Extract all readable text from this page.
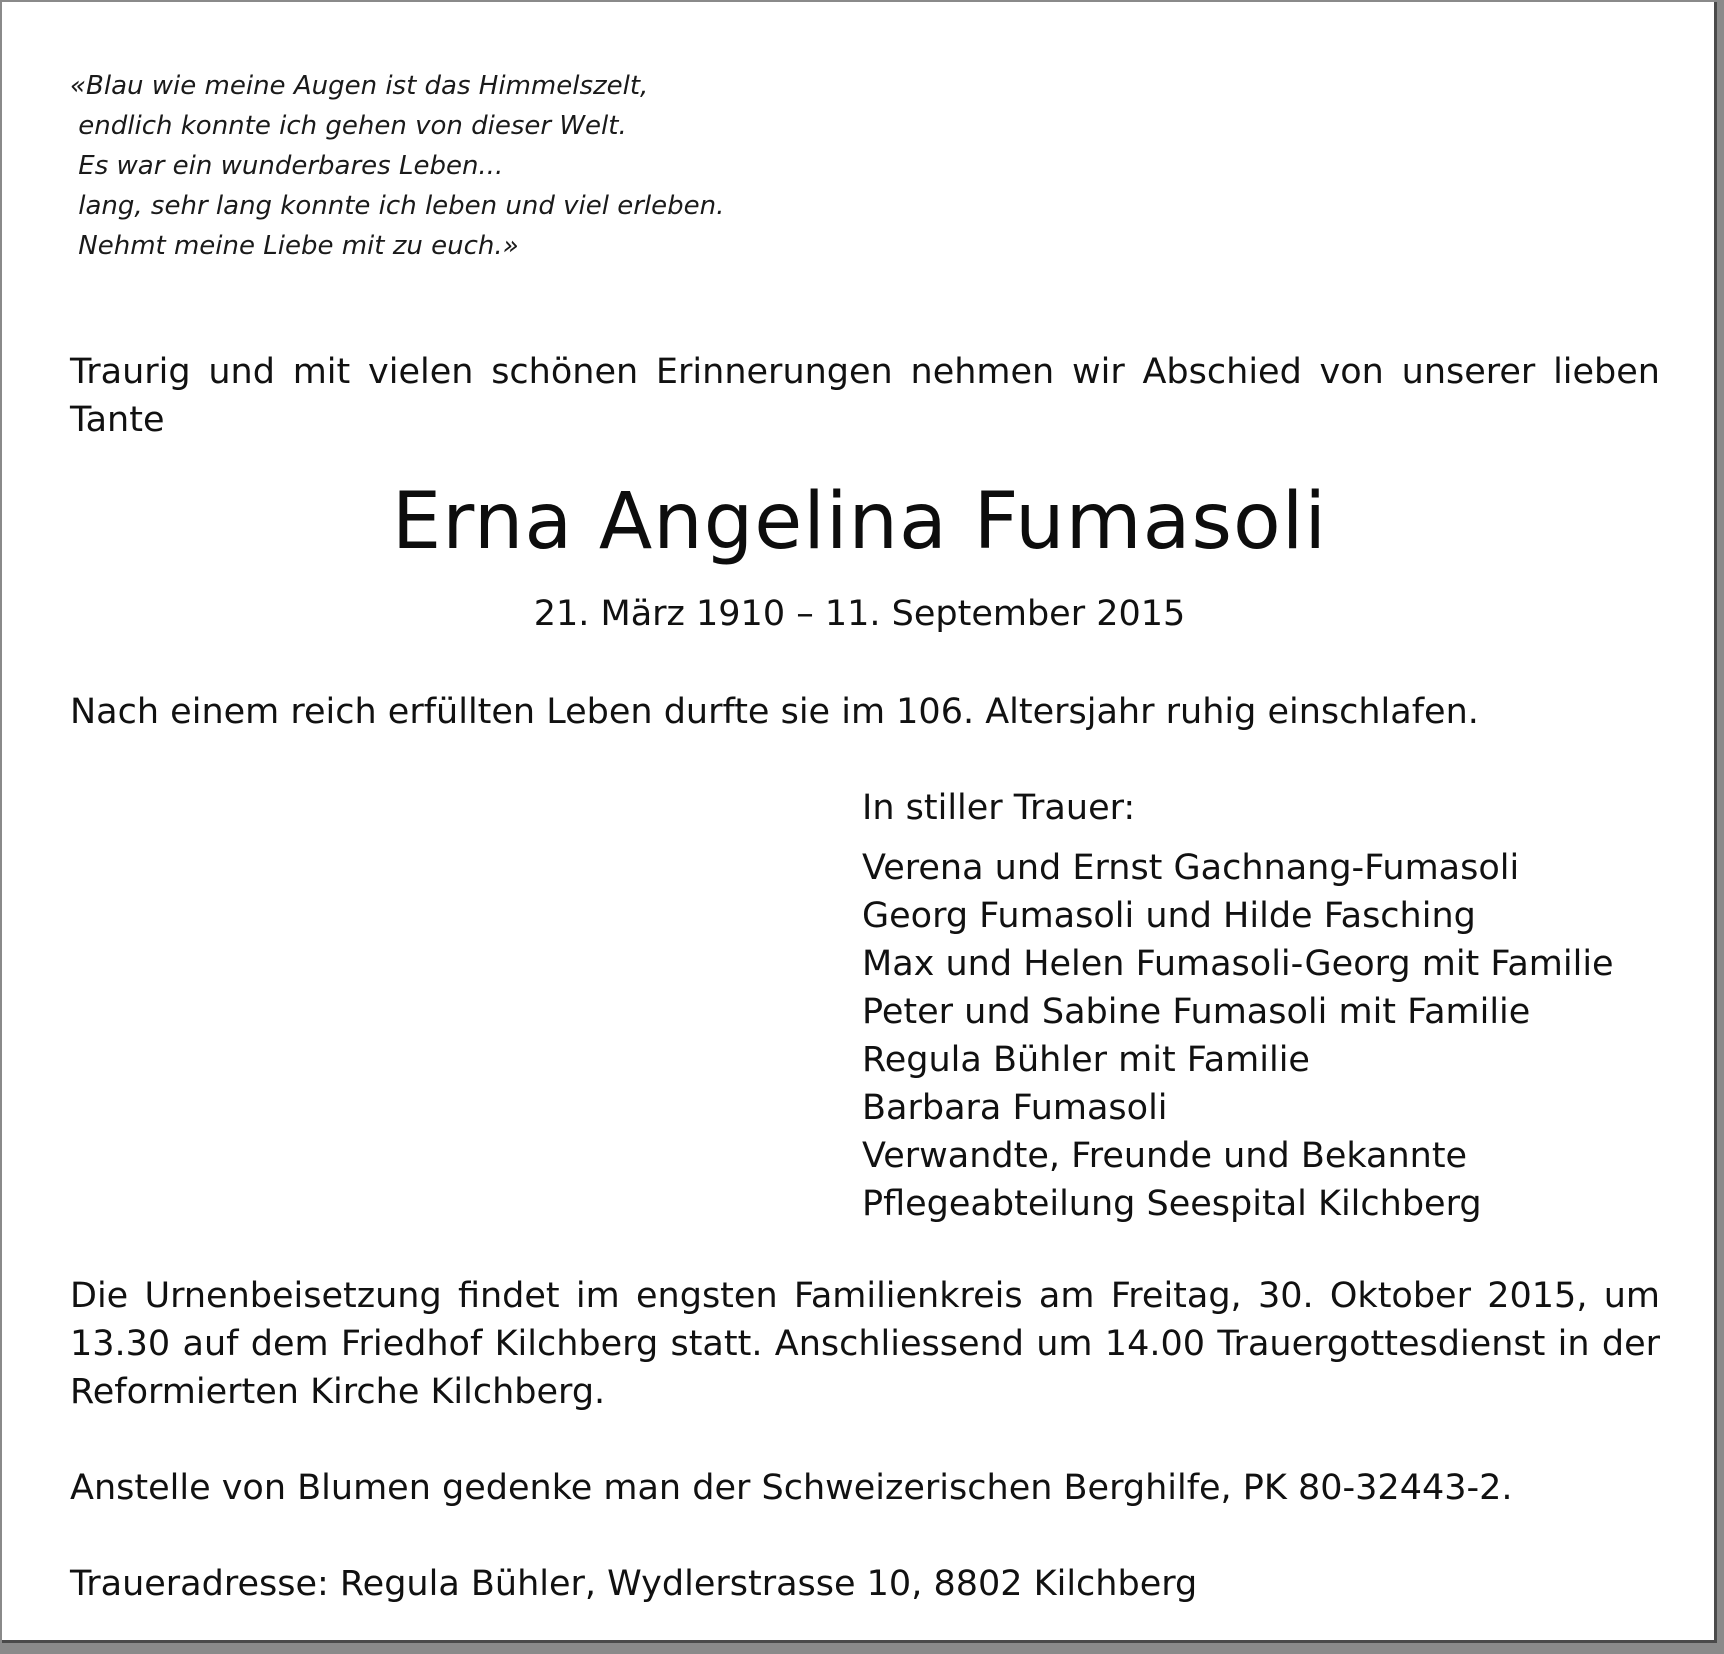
«Blau wie meine Augen ist das Himmelszelt,
endlich konnte ich gehen von dieser Welt.
Es war ein wunderbares Leben...
lang, sehr lang konnte ich leben und viel erleben.
Nehmt meine Liebe mit zu euch.»
Traurig und mit vielen schönen Erinnerungen nehmen wir Abschied von unserer lieben Tante
Erna Angelina Fumasoli
21. März 1910 – 11. September 2015
Nach einem reich erfüllten Leben durfte sie im 106. Altersjahr ruhig einschlafen.
In stiller Trauer:
Verena und Ernst Gachnang-Fumasoli
Georg Fumasoli und Hilde Fasching
Max und Helen Fumasoli-Georg mit Familie
Peter und Sabine Fumasoli mit Familie
Regula Bühler mit Familie
Barbara Fumasoli
Verwandte, Freunde und Bekannte
Pflegeabteilung Seespital Kilchberg
Die Urnenbeisetzung findet im engsten Familienkreis am Freitag, 30. Oktober 2015, um 13.30 auf dem Friedhof Kilchberg statt. Anschliessend um 14.00 Trauergottesdienst in der Reformierten Kirche Kilchberg.
Anstelle von Blumen gedenke man der Schweizerischen Berghilfe, PK 80-32443-2.
Traueradresse: Regula Bühler, Wydlerstrasse 10, 8802 Kilchberg
